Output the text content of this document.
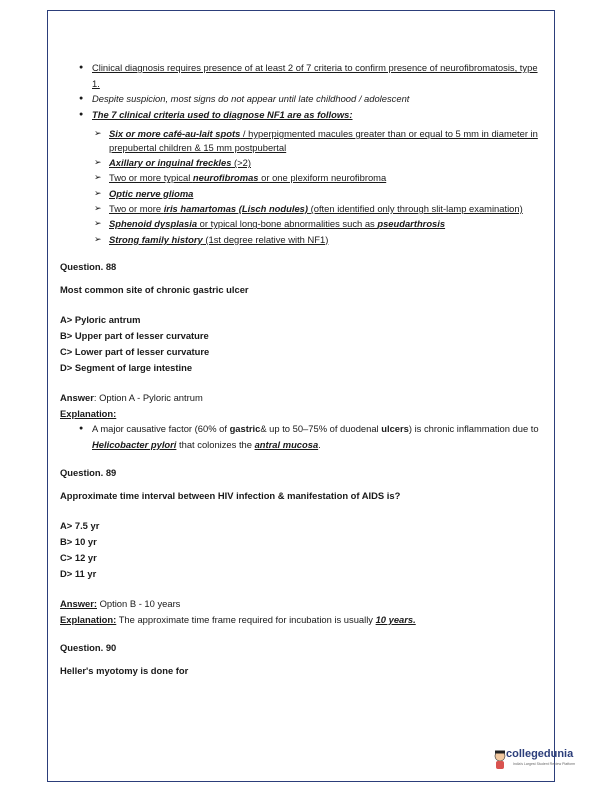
● Clinical diagnosis requires presence of at least 2 of 7 criteria to confirm presence of neurofibromatosis, type 1.
● Despite suspicion, most signs do not appear until late childhood / adolescent
● The 7 clinical criteria used to diagnose NF1 are as follows:
➢ Six or more café-au-lait spots / hyperpigmented macules greater than or equal to 5 mm in diameter in prepubertal children & 15 mm postpubertal
➢ Axillary or inguinal freckles (>2)
➢ Two or more typical neurofibromas or one plexiform neurofibroma
➢ Optic nerve glioma
➢ Two or more iris hamartomas (Lisch nodules) (often identified only through slit-lamp examination)
➢ Sphenoid dysplasia or typical long-bone abnormalities such as pseudarthrosis
➢ Strong family history (1st degree relative with NF1)
Question. 88
Most common site of chronic gastric ulcer
A> Pyloric antrum
B> Upper part of lesser curvature
C> Lower part of lesser curvature
D> Segment of large intestine
Answer: Option A - Pyloric antrum
Explanation:
● A major causative factor (60% of gastric& up to 50–75% of duodenal ulcers) is chronic inflammation due to Helicobacter pylori that colonizes the antral mucosa.
Question. 89
Approximate time interval between HIV infection & manifestation of AIDS is?
A> 7.5 yr
B> 10 yr
C> 12 yr
D> 11 yr
Answer: Option B - 10 years
Explanation: The approximate time frame required for incubation is usually 10 years.
Question. 90
Heller's myotomy is done for
collegedunia
India's Largest Student Review Platform
